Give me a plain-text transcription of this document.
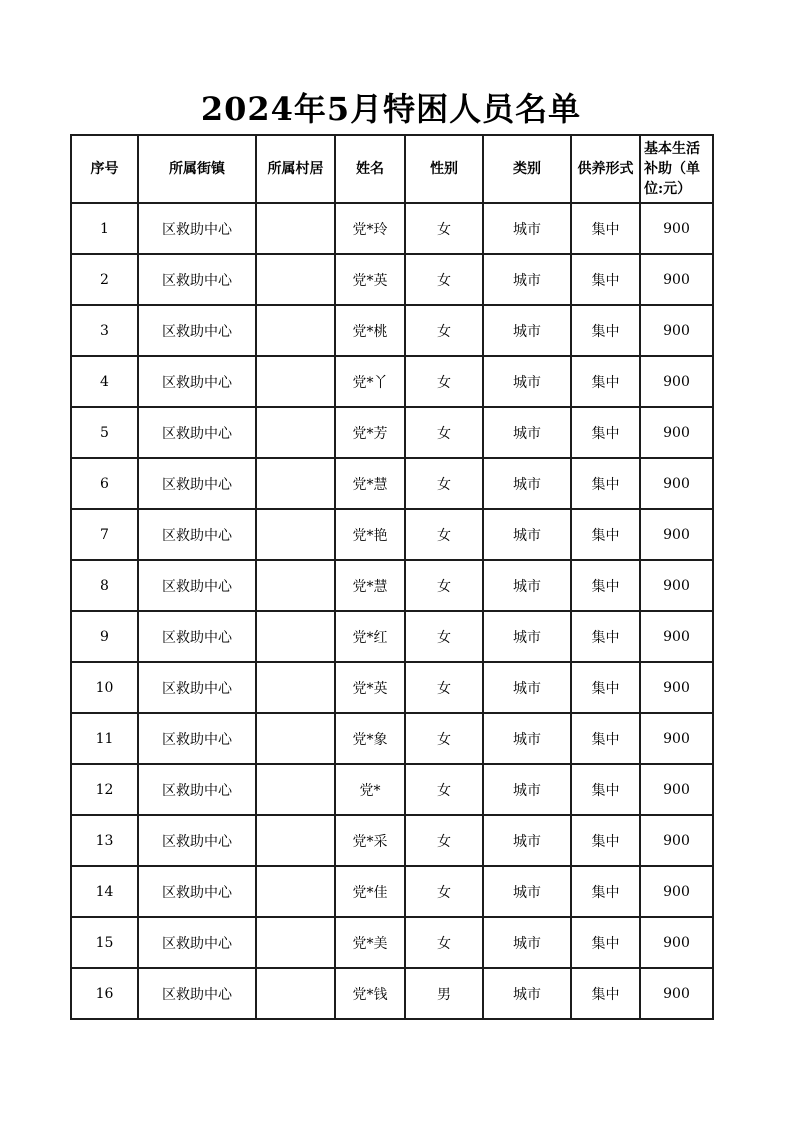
2024年5月特困人员名单
序号	所属街镇	所属村居	姓名	性别	类别	供养形式	基本生活补助（单位:元）
1	区救助中心		党*玲	女	城市	集中	900
2	区救助中心		党*英	女	城市	集中	900
3	区救助中心		党*桃	女	城市	集中	900
4	区救助中心		党*丫	女	城市	集中	900
5	区救助中心		党*芳	女	城市	集中	900
6	区救助中心		党*慧	女	城市	集中	900
7	区救助中心		党*艳	女	城市	集中	900
8	区救助中心		党*慧	女	城市	集中	900
9	区救助中心		党*红	女	城市	集中	900
10	区救助中心		党*英	女	城市	集中	900
11	区救助中心		党*象	女	城市	集中	900
12	区救助中心		党*	女	城市	集中	900
13	区救助中心		党*采	女	城市	集中	900
14	区救助中心		党*佳	女	城市	集中	900
15	区救助中心		党*美	女	城市	集中	900
16	区救助中心		党*钱	男	城市	集中	900
